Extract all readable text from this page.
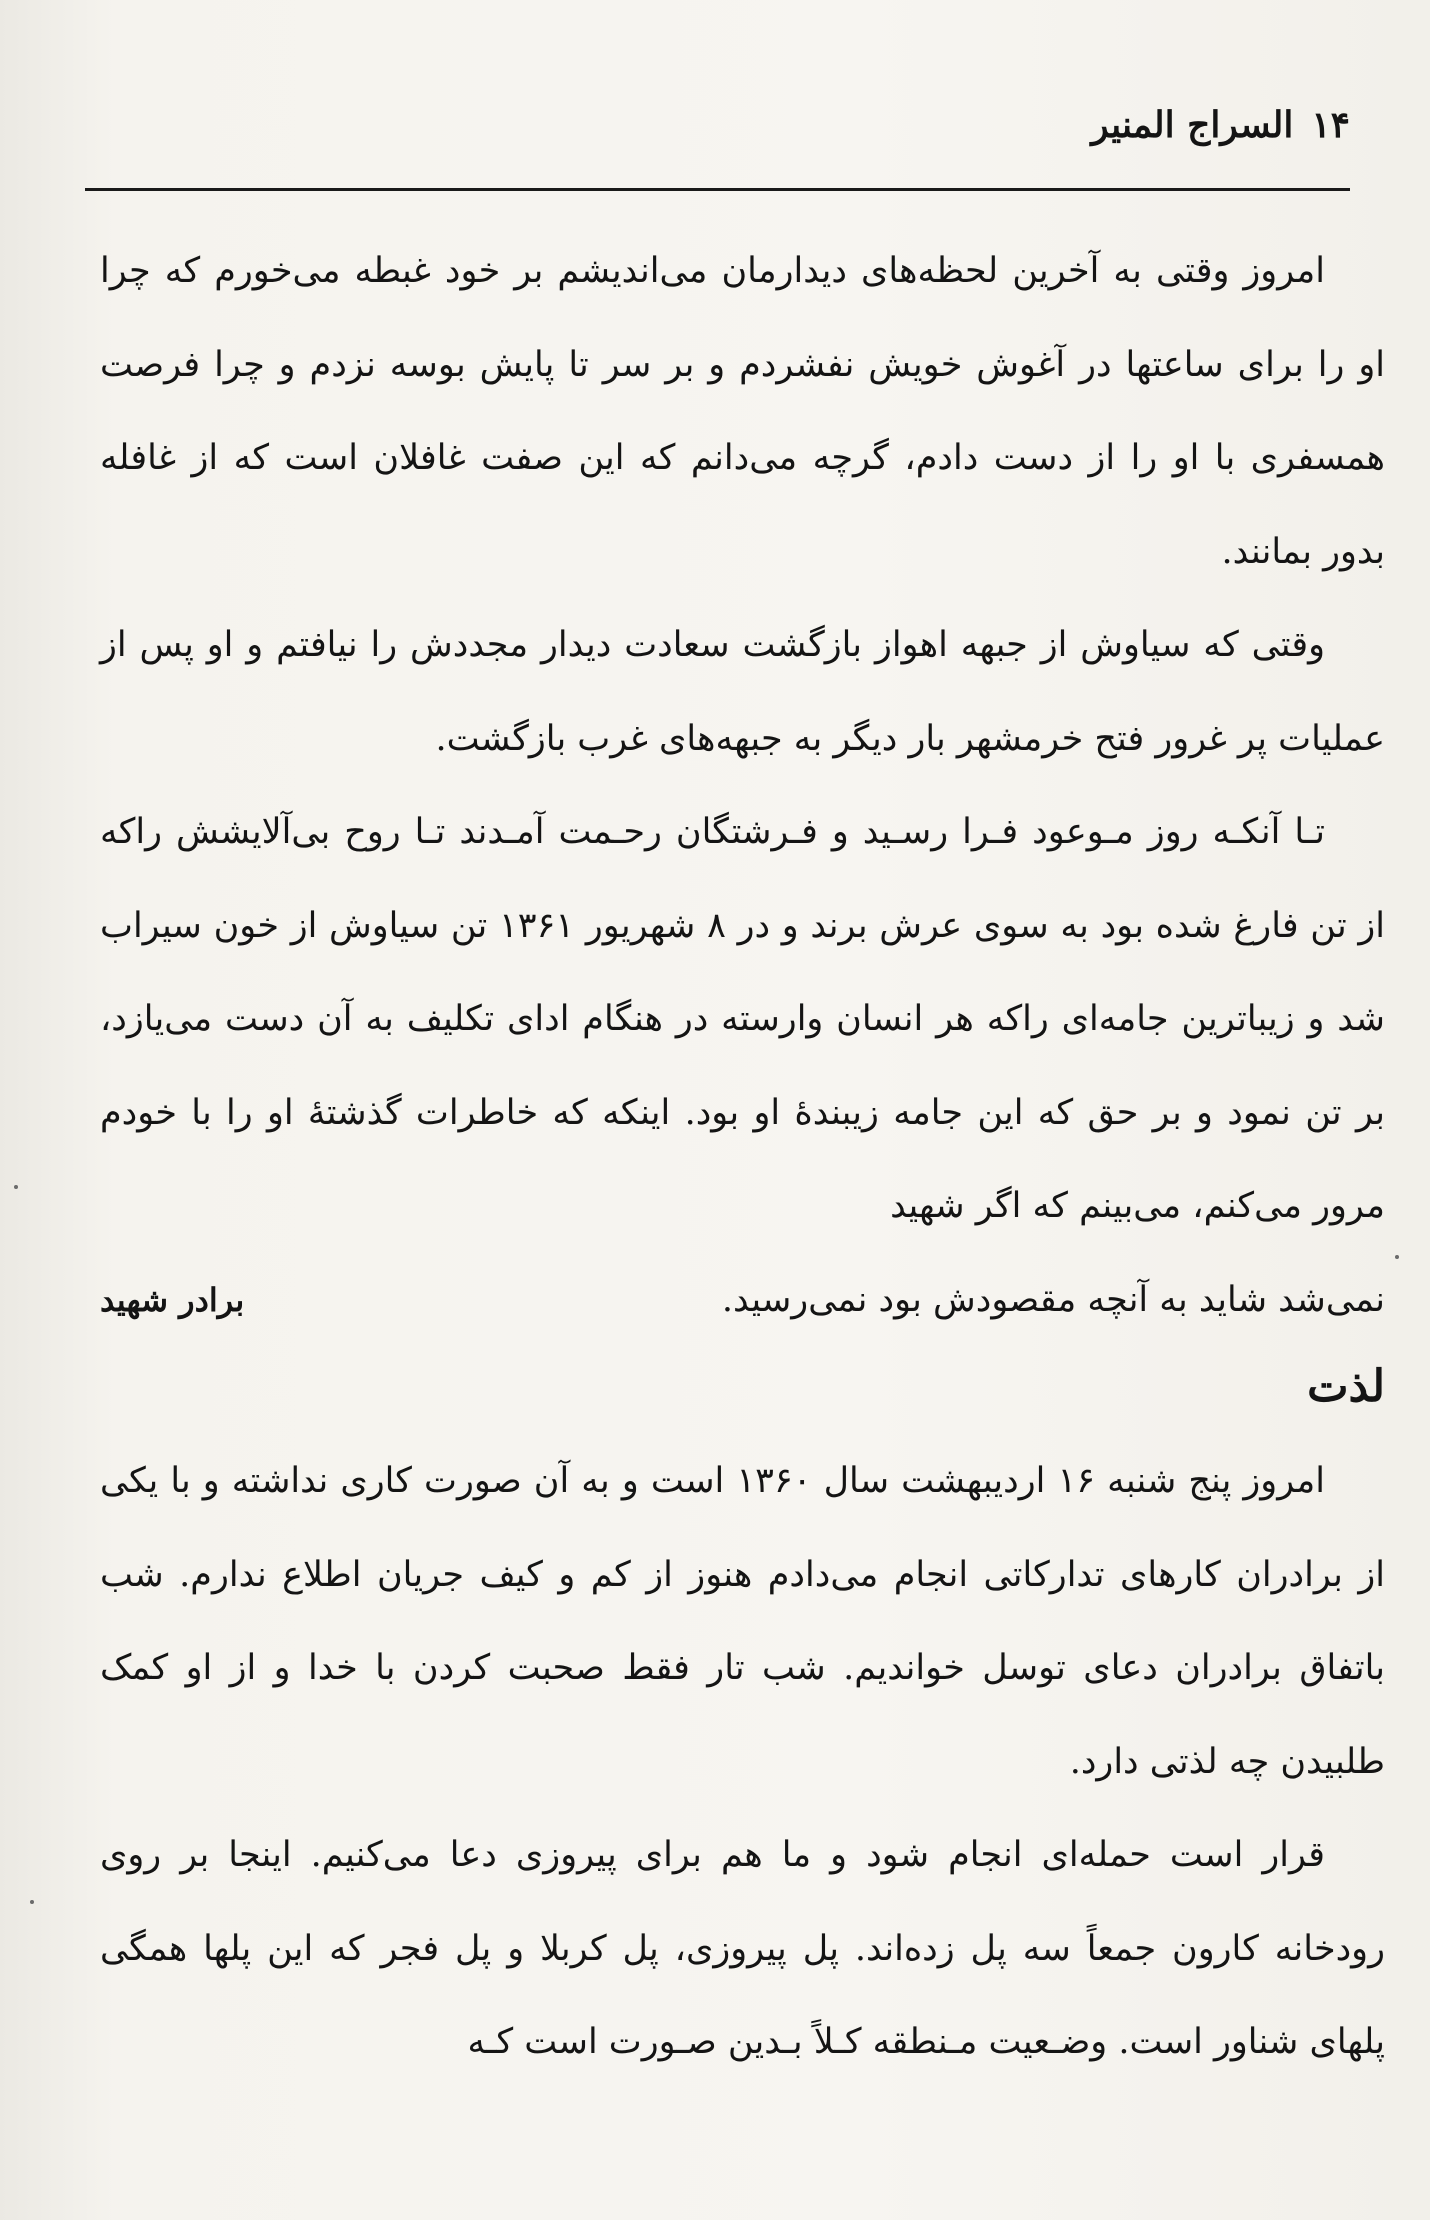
۱۴
السراج المنیر

امروز وقتی به آخرین لحظه‌های دیدارمان می‌اندیشم بر خود غبطه می‌خورم که چرا او را برای ساعتها در آغوش خویش نفشردم و بر سر تا پایش بوسه نزدم و چرا فرصت همسفری با او را از دست دادم، گرچه می‌دانم که این صفت غافلان است که از غافله بدور بمانند.

وقتی که سیاوش از جبهه اهواز بازگشت سعادت دیدار مجددش را نیافتم و او پس از عملیات پر غرور فتح خرمشهر بار دیگر به جبهه‌های غرب بازگشت.

تـا آنکـه روز مـوعود فـرا رسـيد و فـرشتگان رحـمت آمـدند تـا روح بی‌آلایشش راکه از تن فارغ شده بود به سوی عرش برند و در ۸ شهریور ۱۳۶۱ تن سیاوش از خون سیراب شد و زیباترین جامه‌ای راکه هر انسان وارسته در هنگام ادای تکلیف به آن دست می‌یازد، بر تن نمود و بر حق که این جامه زیبندهٔ او بود. اینکه که خاطرات گذشتهٔ او را با خودم مرور می‌کنم، می‌بینم که اگر شهید

نمی‌شد شاید به آنچه مقصودش بود نمی‌رسید.
برادر شهید
لذت

امروز پنج شنبه ۱۶ اردیبهشت سال ۱۳۶۰ است و به آن صورت کاری نداشته و با یکی از برادران کارهای تدارکاتی انجام می‌دادم هنوز از کم و کیف جریان اطلاع ندارم. شب باتفاق برادران دعای توسل خواندیم. شب تار فقط صحبت کردن با خدا و از او کمک طلبیدن چه لذتی دارد.

قرار است حمله‌ای انجام شود و ما هم برای پیروزی دعا می‌کنیم. اینجا بر روی رودخانه کارون جمعاً سه پل زده‌اند. پل پیروزی، پل کربلا و پل فجر که این پلها همگی پلهای شناور است. وضـعیت مـنطقه کـلاً بـدین صـورت است کـه
